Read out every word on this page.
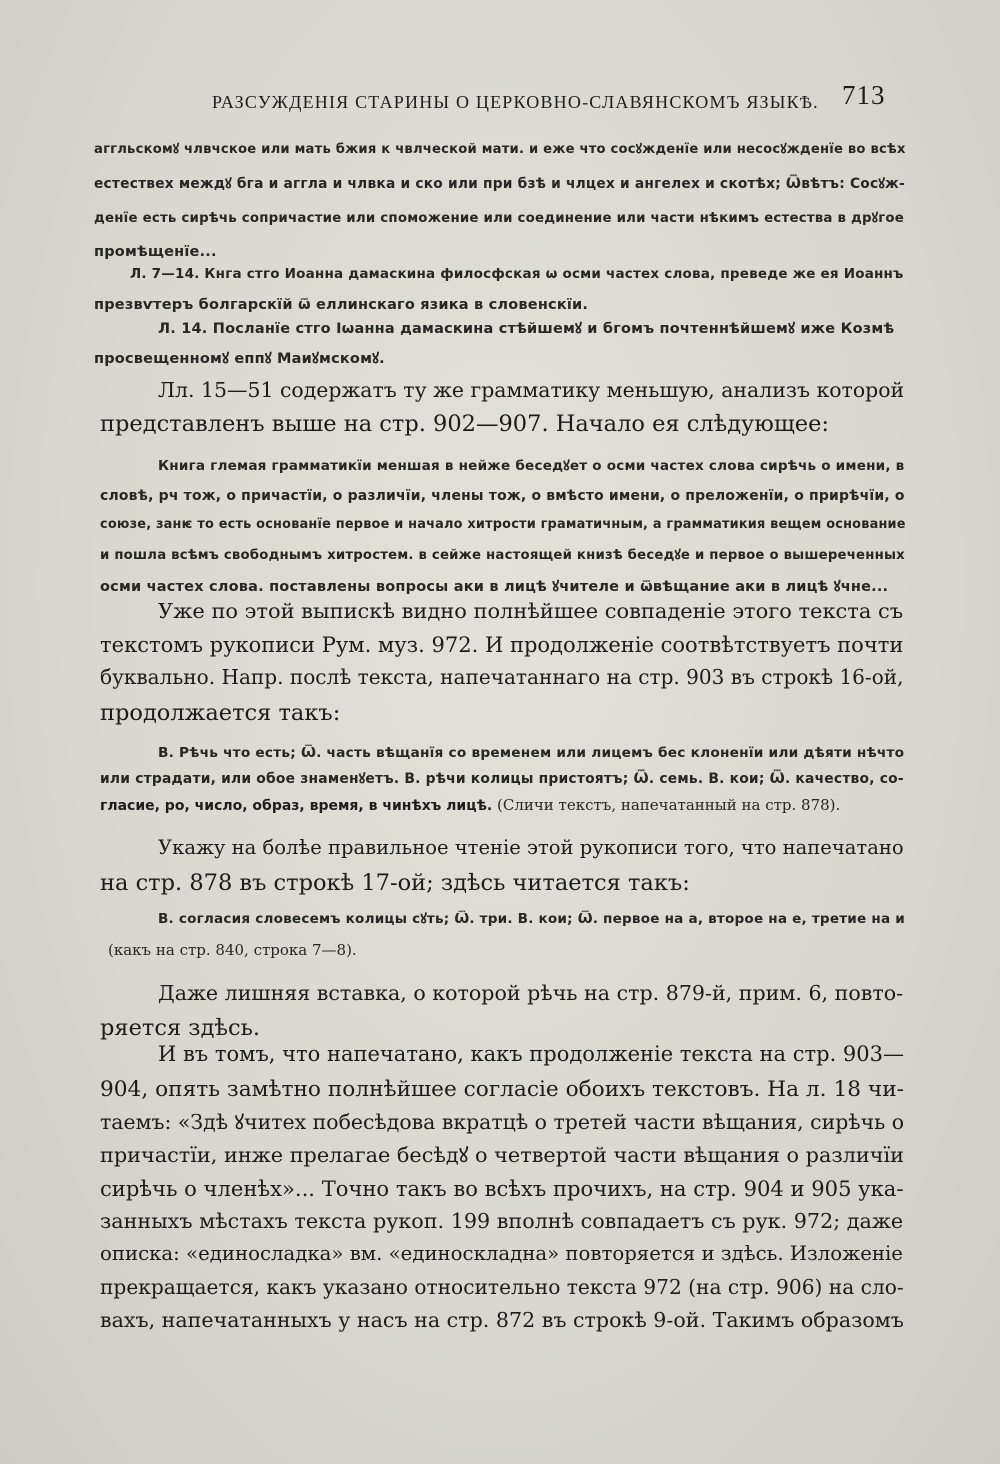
РАЗСУЖДЕНІЯ СТАРИНЫ О ЦЕРКОВНО-СЛАВЯНСКОМЪ ЯЗЫКѢ. 713
аггльскомꙋ члвчское или мать бжия к чвлческой мати. и еже что сосꙋжденїе или несосꙋжденїе во всѣх
естествех междꙋ бга и аггла и члвка и ско или при бзѣ и члцех и ангелех и скотѣх; Ѿвѣтъ: Сосꙋж-
денїе есть сирѣчь сопричастие или споможение или соединение или части нѣкимъ естества в дрꙋгое
промѣщенїе...
Л. 7—14. Кнга стго Иоанна дамаскина филосфская ѡ осми частех слова, преведе же ея Иоаннъ
презвѵтеръ болгарскїй ѿ еллинскаго язика в словенскїи.
Л. 14. Посланїе стго Iѡанна дамаскина стѣйшемꙋ и бгомъ почтеннѣйшемꙋ иже Козмѣ
просвещенномꙋ еппꙋ Маиꙋмскомꙋ.
Лл. 15—51 содержатъ ту же грамматику меньшую, анализъ которой
представленъ выше на стр. 902—907. Начало ея слѣдующее:
Книга глемая грамматикїи меншая в нейже беседꙋет о осми частех слова сирѣчь о имени, в
словѣ, рч тож, о причастїи, о различїи, члены тож, о вмѣсто имени, о преложенїи, о прирѣчїи, о
союзе, занѥ то есть основанїе первое и начало хитрости граматичным, а грамматикия вещем основание
и пошла всѣмъ свободнымъ хитростем. в сейже настоящей книзѣ беседꙋе и первое о вышереченных
осми частех слова. поставлены вопросы аки в лицѣ ꙋчителе и ѿвѣщание аки в лицѣ ꙋчне...
Уже по этой выпискѣ видно полнѣйшее совпаденіе этого текста съ
текстомъ рукописи Рум. муз. 972. И продолженіе соотвѣтствуетъ почти
буквально. Напр. послѣ текста, напечатаннаго на стр. 903 въ строкѣ 16-ой,
продолжается такъ:
В. Рѣчь что есть; Ѿ. часть вѣщанїя со временем или лицемъ бес клоненїи или дѣяти нѣчто
или страдати, или обое знаменꙋетъ. В. рѣчи колицы пристоятъ; Ѿ. семь. В. кои; Ѿ. качество, со-
гласие, ро, число, образ, время, в чинѣхъ лицѣ. (Сличи текстъ, напечатанный на стр. 878).
Укажу на болѣе правильное чтеніе этой рукописи того, что напечатано
на стр. 878 въ строкѣ 17-ой; здѣсь читается такъ:
В. согласия словесемъ колицы сꙋть; Ѿ. три. В. кои; Ѿ. первое на а, второе на е, третие на и
(какъ на стр. 840, строка 7—8).
Даже лишняя вставка, о которой рѣчь на стр. 879-й, прим. 6, повто-
ряется здѣсь.
И въ томъ, что напечатано, какъ продолженіе текста на стр. 903—
904, опять замѣтно полнѣйшее согласіе обоихъ текстовъ. На л. 18 чи-
таемъ: «Здѣ ꙋчитех побесѣдова вкратцѣ о третей части вѣщания, сирѣчь о
причастїи, инже прелагае бесѣдꙋ о четвертой части вѣщания о различїи
сирѣчь о членѣх»... Точно такъ во всѣхъ прочихъ, на стр. 904 и 905 ука-
занныхъ мѣстахъ текста рукоп. 199 вполнѣ совпадаетъ съ рук. 972; даже
описка: «единосладка» вм. «единоскладна» повторяется и здѣсь. Изложеніе
прекращается, какъ указано относительно текста 972 (на стр. 906) на сло-
вахъ, напечатанныхъ у насъ на стр. 872 въ строкѣ 9-ой. Такимъ образомъ
